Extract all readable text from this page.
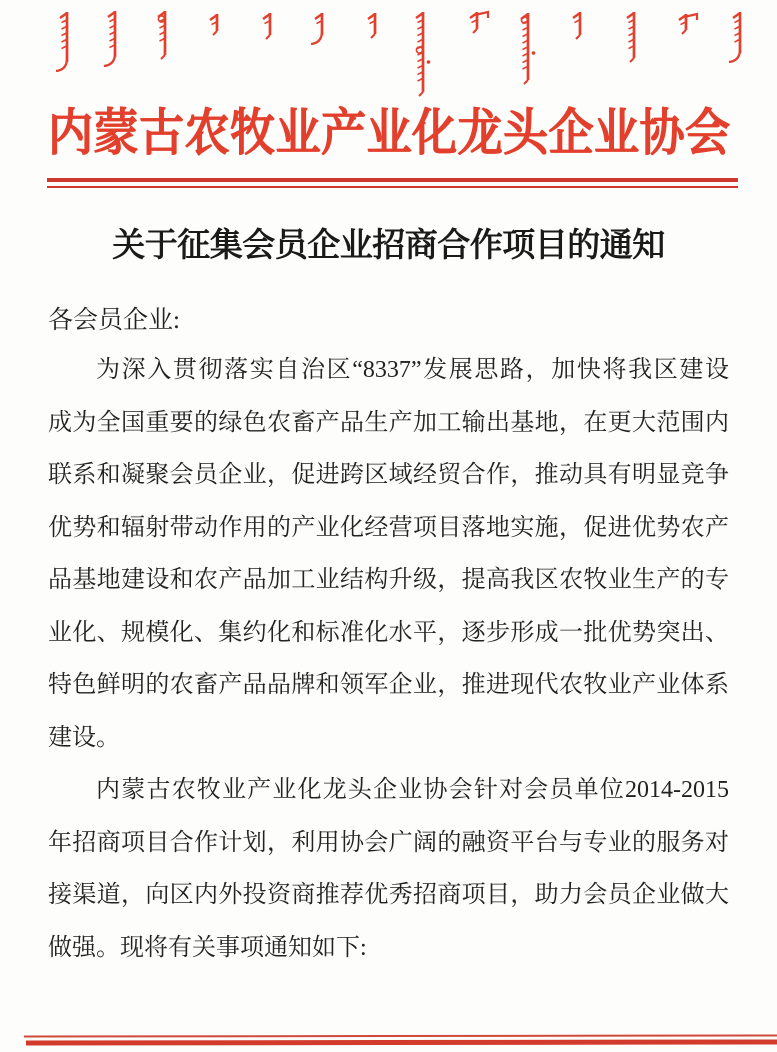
内蒙古农牧业产业化龙头企业协会
关于征集会员企业招商合作项目的通知
各会员企业:
为深入贯彻落实自治区“8337”发展思路，加快将我区建设
成为全国重要的绿色农畜产品生产加工输出基地，在更大范围内
联系和凝聚会员企业，促进跨区域经贸合作，推动具有明显竞争
优势和辐射带动作用的产业化经营项目落地实施，促进优势农产
品基地建设和农产品加工业结构升级，提高我区农牧业生产的专
业化、规模化、集约化和标准化水平，逐步形成一批优势突出、
特色鲜明的农畜产品品牌和领军企业，推进现代农牧业产业体系
建设。
内蒙古农牧业产业化龙头企业协会针对会员单位2014-2015
年招商项目合作计划，利用协会广阔的融资平台与专业的服务对
接渠道，向区内外投资商推荐优秀招商项目，助力会员企业做大
做强。现将有关事项通知如下:
